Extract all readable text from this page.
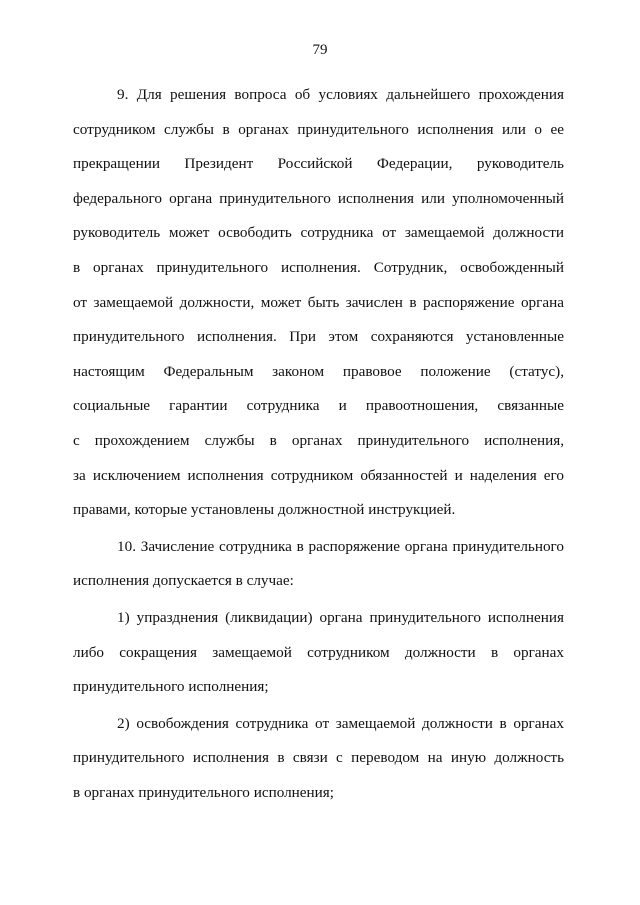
79

9. Для решения вопроса об условиях дальнейшего прохождения
сотрудником службы в органах принудительного исполнения или о ее
прекращении Президент Российской Федерации, руководитель
федерального органа принудительного исполнения или уполномоченный
руководитель может освободить сотрудника от замещаемой должности
в органах принудительного исполнения. Сотрудник, освобожденный
от замещаемой должности, может быть зачислен в распоряжение органа
принудительного исполнения. При этом сохраняются установленные
настоящим Федеральным законом правовое положение (статус),
социальные гарантии сотрудника и правоотношения, связанные
с прохождением службы в органах принудительного исполнения,
за исключением исполнения сотрудником обязанностей и наделения его
правами, которые установлены должностной инструкцией.

10. Зачисление сотрудника в распоряжение органа принудительного
исполнения допускается в случае:

1) упразднения (ликвидации) органа принудительного исполнения
либо сокращения замещаемой сотрудником должности в органах
принудительного исполнения;

2) освобождения сотрудника от замещаемой должности в органах
принудительного исполнения в связи с переводом на иную должность
в органах принудительного исполнения;
